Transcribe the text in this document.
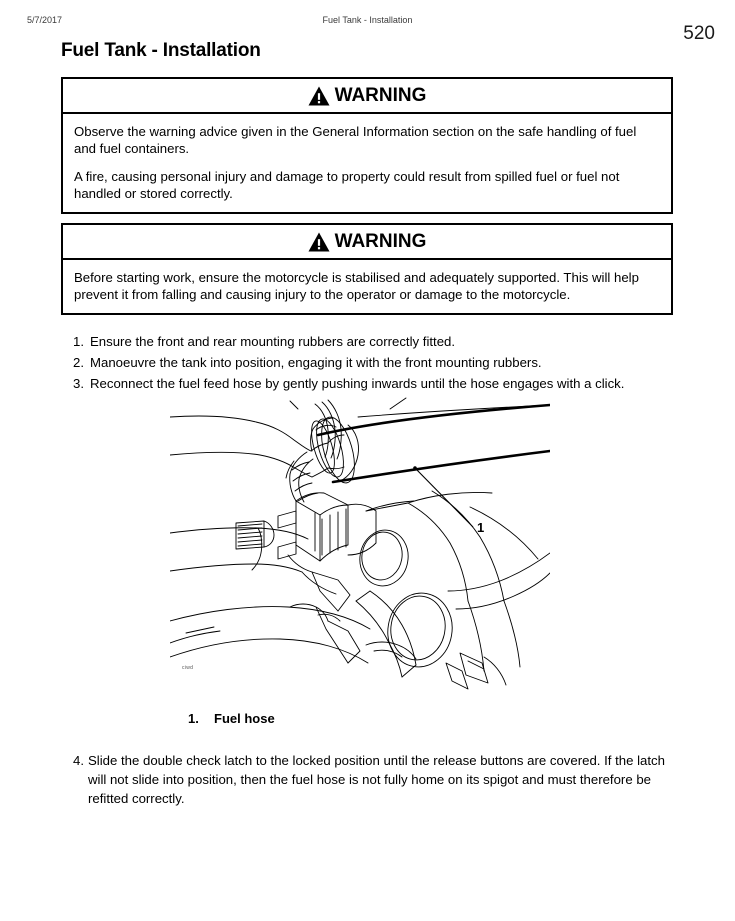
5/7/2017	Fuel Tank - Installation
520
Fuel Tank - Installation
WARNING

Observe the warning advice given in the General Information section on the safe handling of fuel and fuel containers.

A fire, causing personal injury and damage to property could result from spilled fuel or fuel not handled or stored correctly.

WARNING

Before starting work, ensure the motorcycle is stabilised and adequately supported. This will help prevent it from falling and causing injury to the operator or damage to the motorcycle.

1. Ensure the front and rear mounting rubbers are correctly fitted.
2. Manoeuvre the tank into position, engaging it with the front mounting rubbers.
3. Reconnect the fuel feed hose by gently pushing inwards until the hose engages with a click.
1
ciwd
1. Fuel hose
4. Slide the double check latch to the locked position until the release buttons are covered. If the latch will not slide into position, then the fuel hose is not fully home on its spigot and must therefore be refitted correctly.
